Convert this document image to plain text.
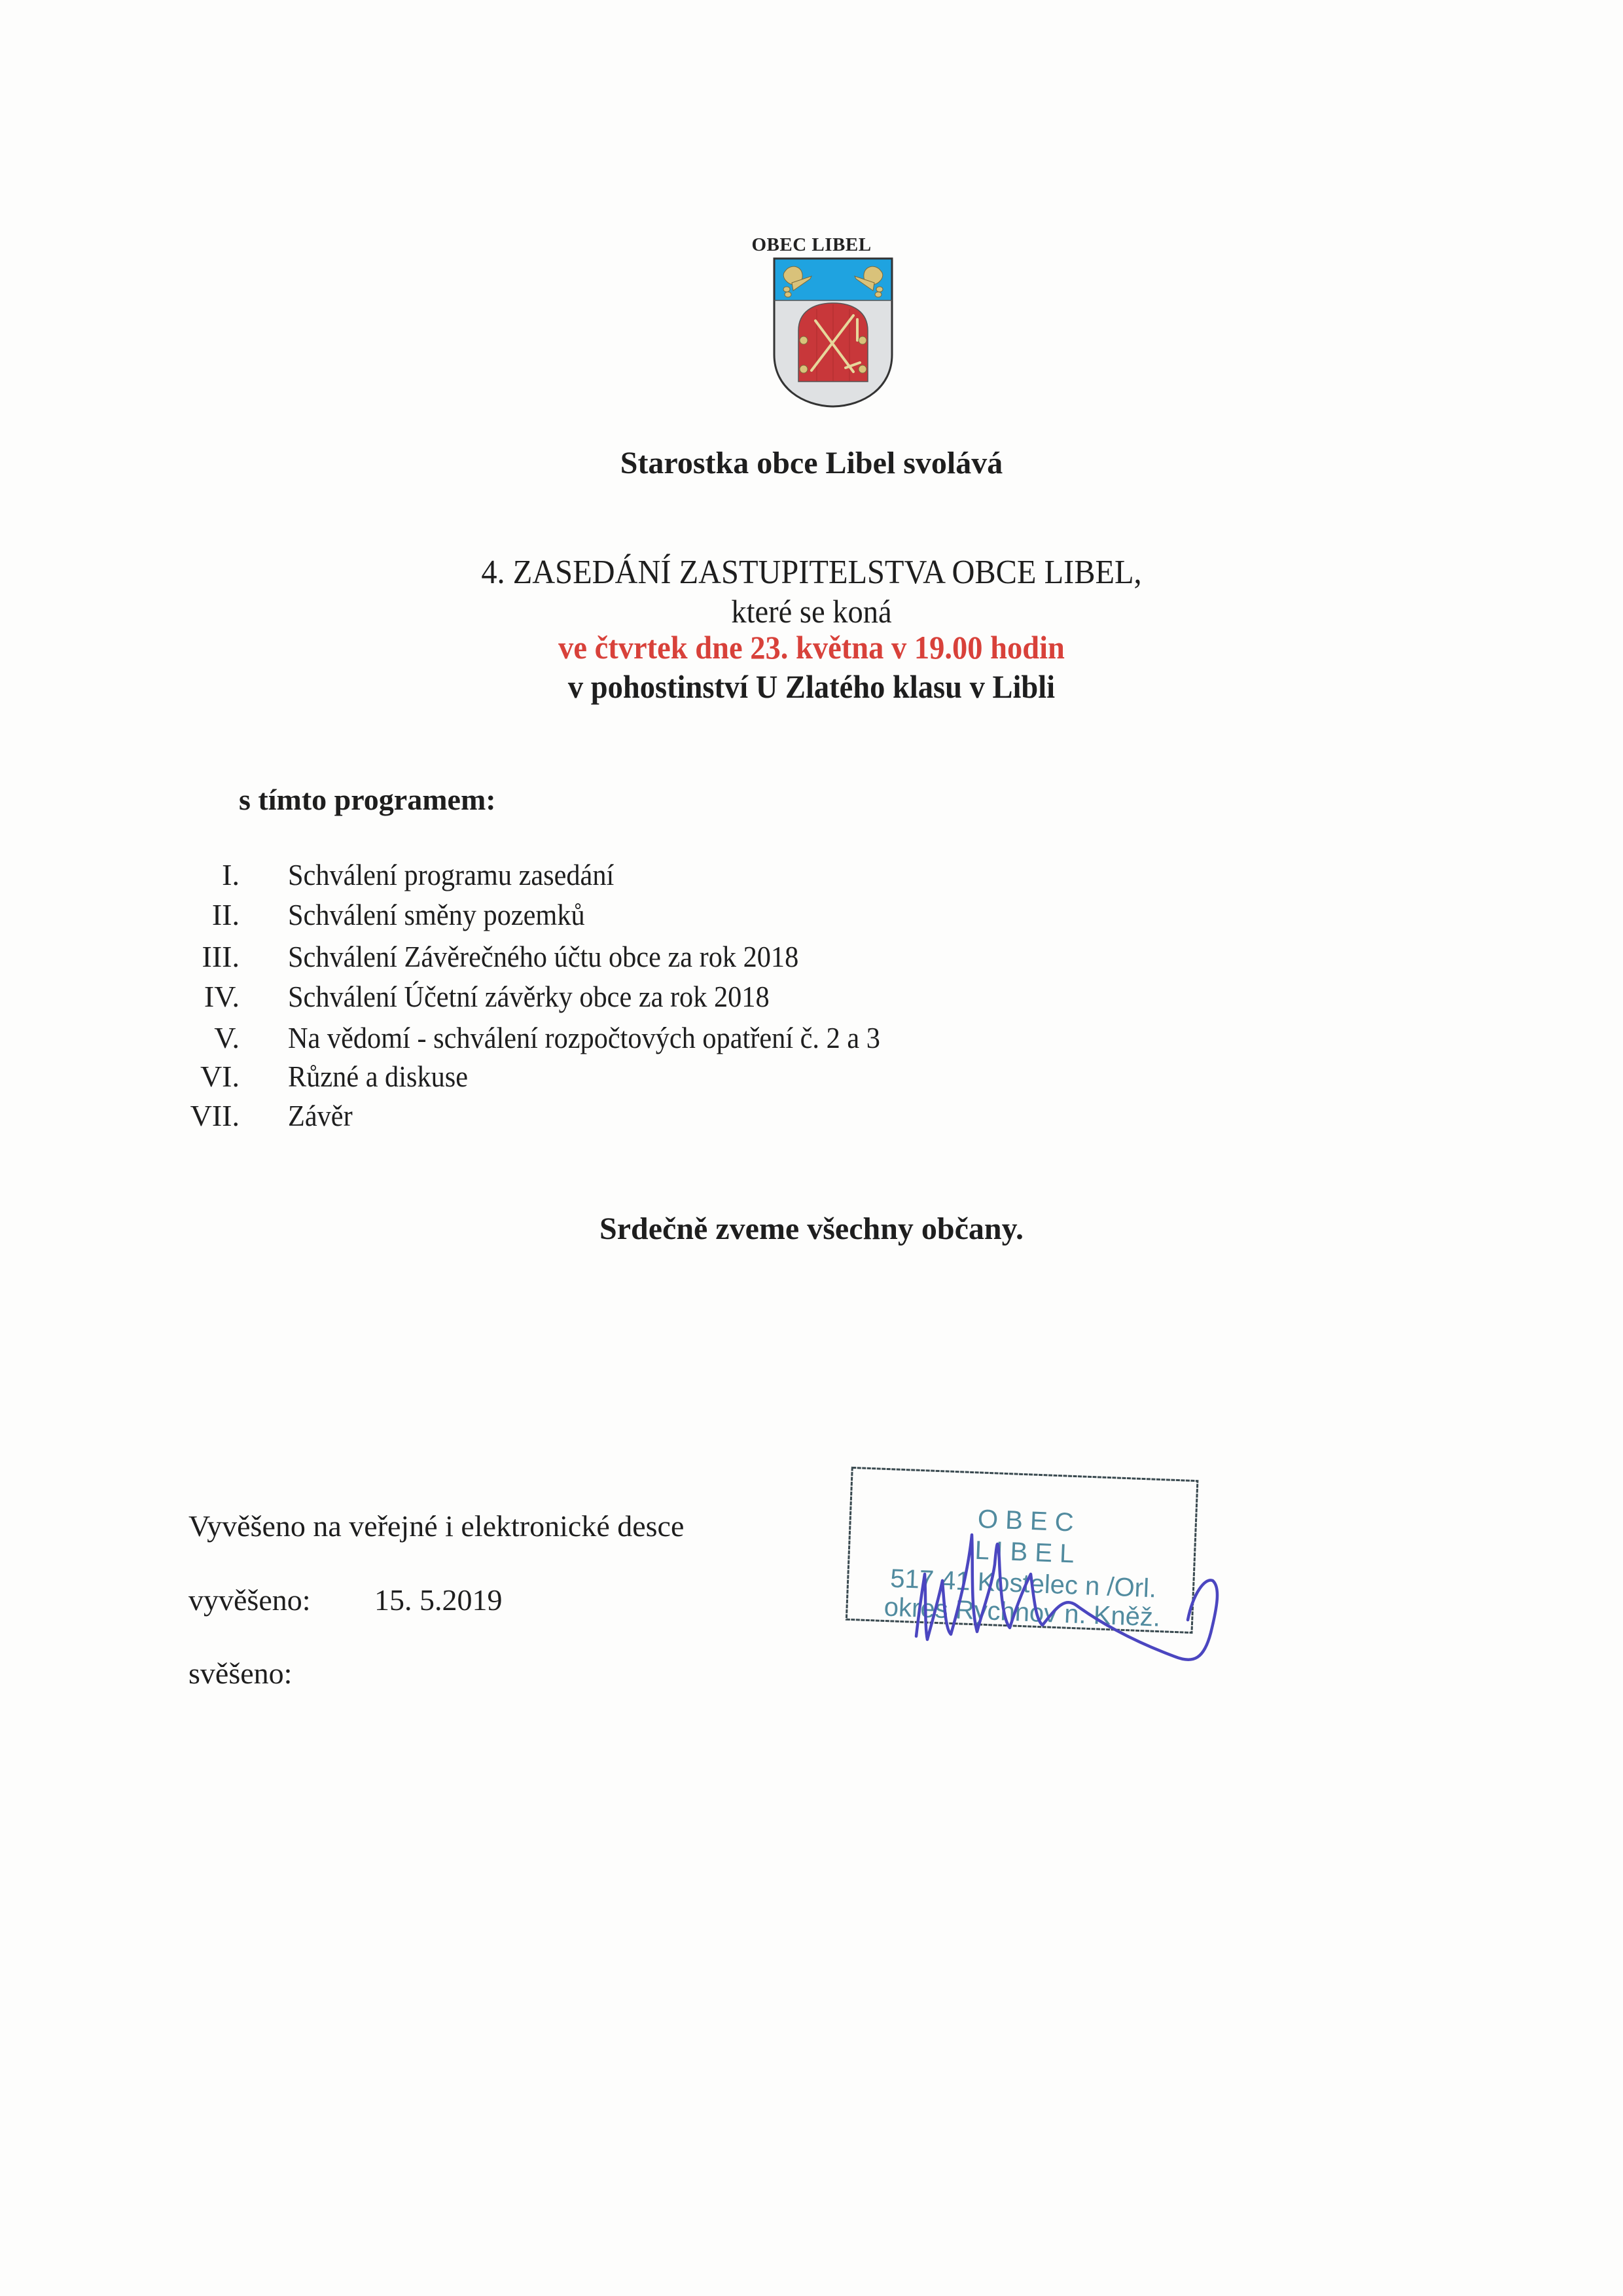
OBEC LIBEL
Starostka obce Libel svolává
4. ZASEDÁNÍ ZASTUPITELSTVA OBCE LIBEL,
které se koná
ve čtvrtek dne 23. května v 19.00 hodin
v pohostinství U Zlatého klasu v Libli
s tímto programem:
I. Schválení programu zasedání
II. Schválení směny pozemků
III. Schválení Závěrečného účtu obce za rok 2018
IV. Schválení Účetní závěrky obce za rok 2018
V. Na vědomí - schválení rozpočtových opatření č. 2 a 3
VI. Různé a diskuse
VII. Závěr
Srdečně zveme všechny občany.
Vyvěšeno na veřejné i elektronické desce
vyvěšeno: 15. 5.2019
svěšeno:
O B E C
L I B E L
517 41 Kostelec n /Orl.
okres Rychnov n. Kněž.
